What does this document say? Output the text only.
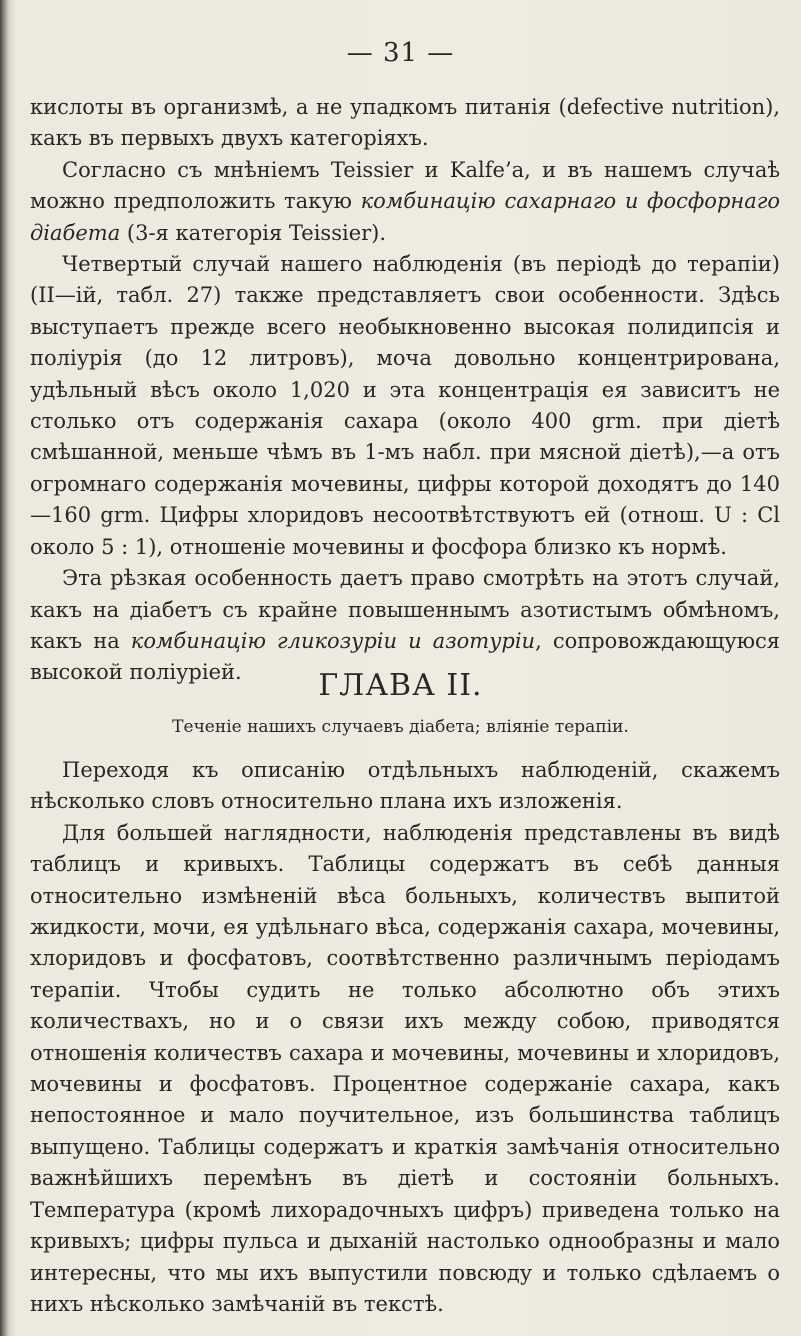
— 31 —

кислоты въ организмѣ, а не упадкомъ питанія (defective nutrition), какъ въ первыхъ двухъ категоріяхъ.

Согласно съ мнѣніемъ Teissier и Kalfe’а, и въ нашемъ случаѣ можно предположить такую комбинацію сахарнаго и фосфорнаго діабета (3-я категорія Teissier).

Четвертый случай нашего наблюденія (въ періодѣ до терапіи) (II—ій, табл. 27) также представляетъ свои особенности. Здѣсь выступаетъ прежде всего необыкновенно высокая полидипсія и поліурія (до 12 литровъ), моча довольно концентрирована, удѣльный вѣсъ около 1,020 и эта концентрація ея зависитъ не столько отъ содержанія сахара (около 400 grm. при діетѣ смѣшанной, меньше чѣмъ въ 1-мъ набл. при мясной діетѣ),—а отъ огромнаго содержанія мочевины, цифры которой доходятъ до 140—160 grm. Цифры хлоридовъ несоотвѣтствуютъ ей (отнош. U : Cl около 5 : 1), отношеніе мочевины и фосфора близко къ нормѣ.

Эта рѣзкая особенность даетъ право смотрѣть на этотъ случай, какъ на діабетъ съ крайне повышеннымъ азотистымъ обмѣномъ, какъ на комбинацію гликозуріи и азотуріи, сопровождающуюся высокой поліуріей.	ГЛАВА II.
Теченіе нашихъ случаевъ діабета; вліяніе терапіи.

Переходя къ описанію отдѣльныхъ наблюденій, скажемъ нѣсколько словъ относительно плана ихъ изложенія.

Для большей наглядности, наблюденія представлены въ видѣ таблицъ и кривыхъ. Таблицы содержатъ въ себѣ данныя относительно измѣненій вѣса больныхъ, количествъ выпитой жидкости, мочи, ея удѣльнаго вѣса, содержанія сахара, мочевины, хлоридовъ и фосфатовъ, соотвѣтственно различнымъ періодамъ терапіи. Чтобы судить не только абсолютно объ этихъ количествахъ, но и о связи ихъ между собою, приводятся отношенія количествъ сахара и мочевины, мочевины и хлоридовъ, мочевины и фосфатовъ. Процентное содержаніе сахара, какъ непостоянное и мало поучительное, изъ большинства таблицъ выпущено. Таблицы содержатъ и краткія замѣчанія относительно важнѣйшихъ перемѣнъ въ діетѣ и состояніи больныхъ. Температура (кромѣ лихорадочныхъ цифръ) приведена только на кривыхъ; цифры пульса и дыханій настолько однообразны и мало интересны, что мы ихъ выпустили повсюду и только сдѣлаемъ о нихъ нѣсколько замѣчаній въ текстѣ.
